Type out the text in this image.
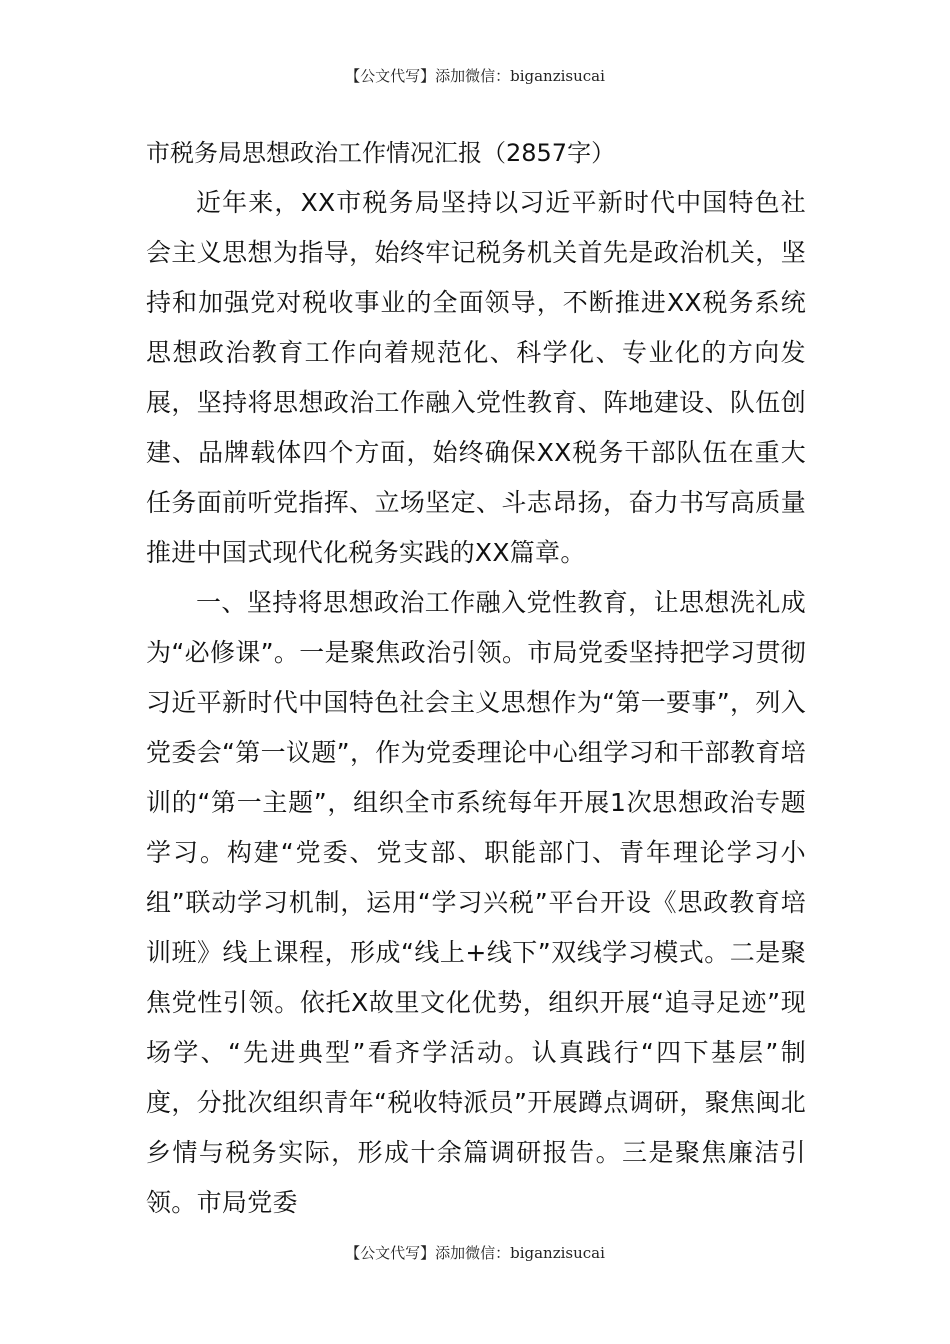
【公文代写】添加微信：biganzisucai

市税务局思想政治工作情况汇报（2857字）

近年来，XX市税务局坚持以习近平新时代中国特色社会主义思想为指导，始终牢记税务机关首先是政治机关，坚持和加强党对税收事业的全面领导，不断推进XX税务系统思想政治教育工作向着规范化、科学化、专业化的方向发展，坚持将思想政治工作融入党性教育、阵地建设、队伍创建、品牌载体四个方面，始终确保XX税务干部队伍在重大任务面前听党指挥、立场坚定、斗志昂扬，奋力书写高质量推进中国式现代化税务实践的XX篇章。

一、坚持将思想政治工作融入党性教育，让思想洗礼成为“必修课”。一是聚焦政治引领。市局党委坚持把学习贯彻习近平新时代中国特色社会主义思想作为“第一要事”，列入党委会“第一议题”，作为党委理论中心组学习和干部教育培训的“第一主题”，组织全市系统每年开展1次思想政治专题学习。构建“党委、党支部、职能部门、青年理论学习小组”联动学习机制，运用“学习兴税”平台开设《思政教育培训班》线上课程，形成“线上+线下”双线学习模式。二是聚焦党性引领。依托X故里文化优势，组织开展“追寻足迹”现场学、“先进典型”看齐学活动。认真践行“四下基层”制度，分批次组织青年“税收特派员”开展蹲点调研，聚焦闽北乡情与税务实际，形成十余篇调研报告。三是聚焦廉洁引领。市局党委

【公文代写】添加微信：biganzisucai
